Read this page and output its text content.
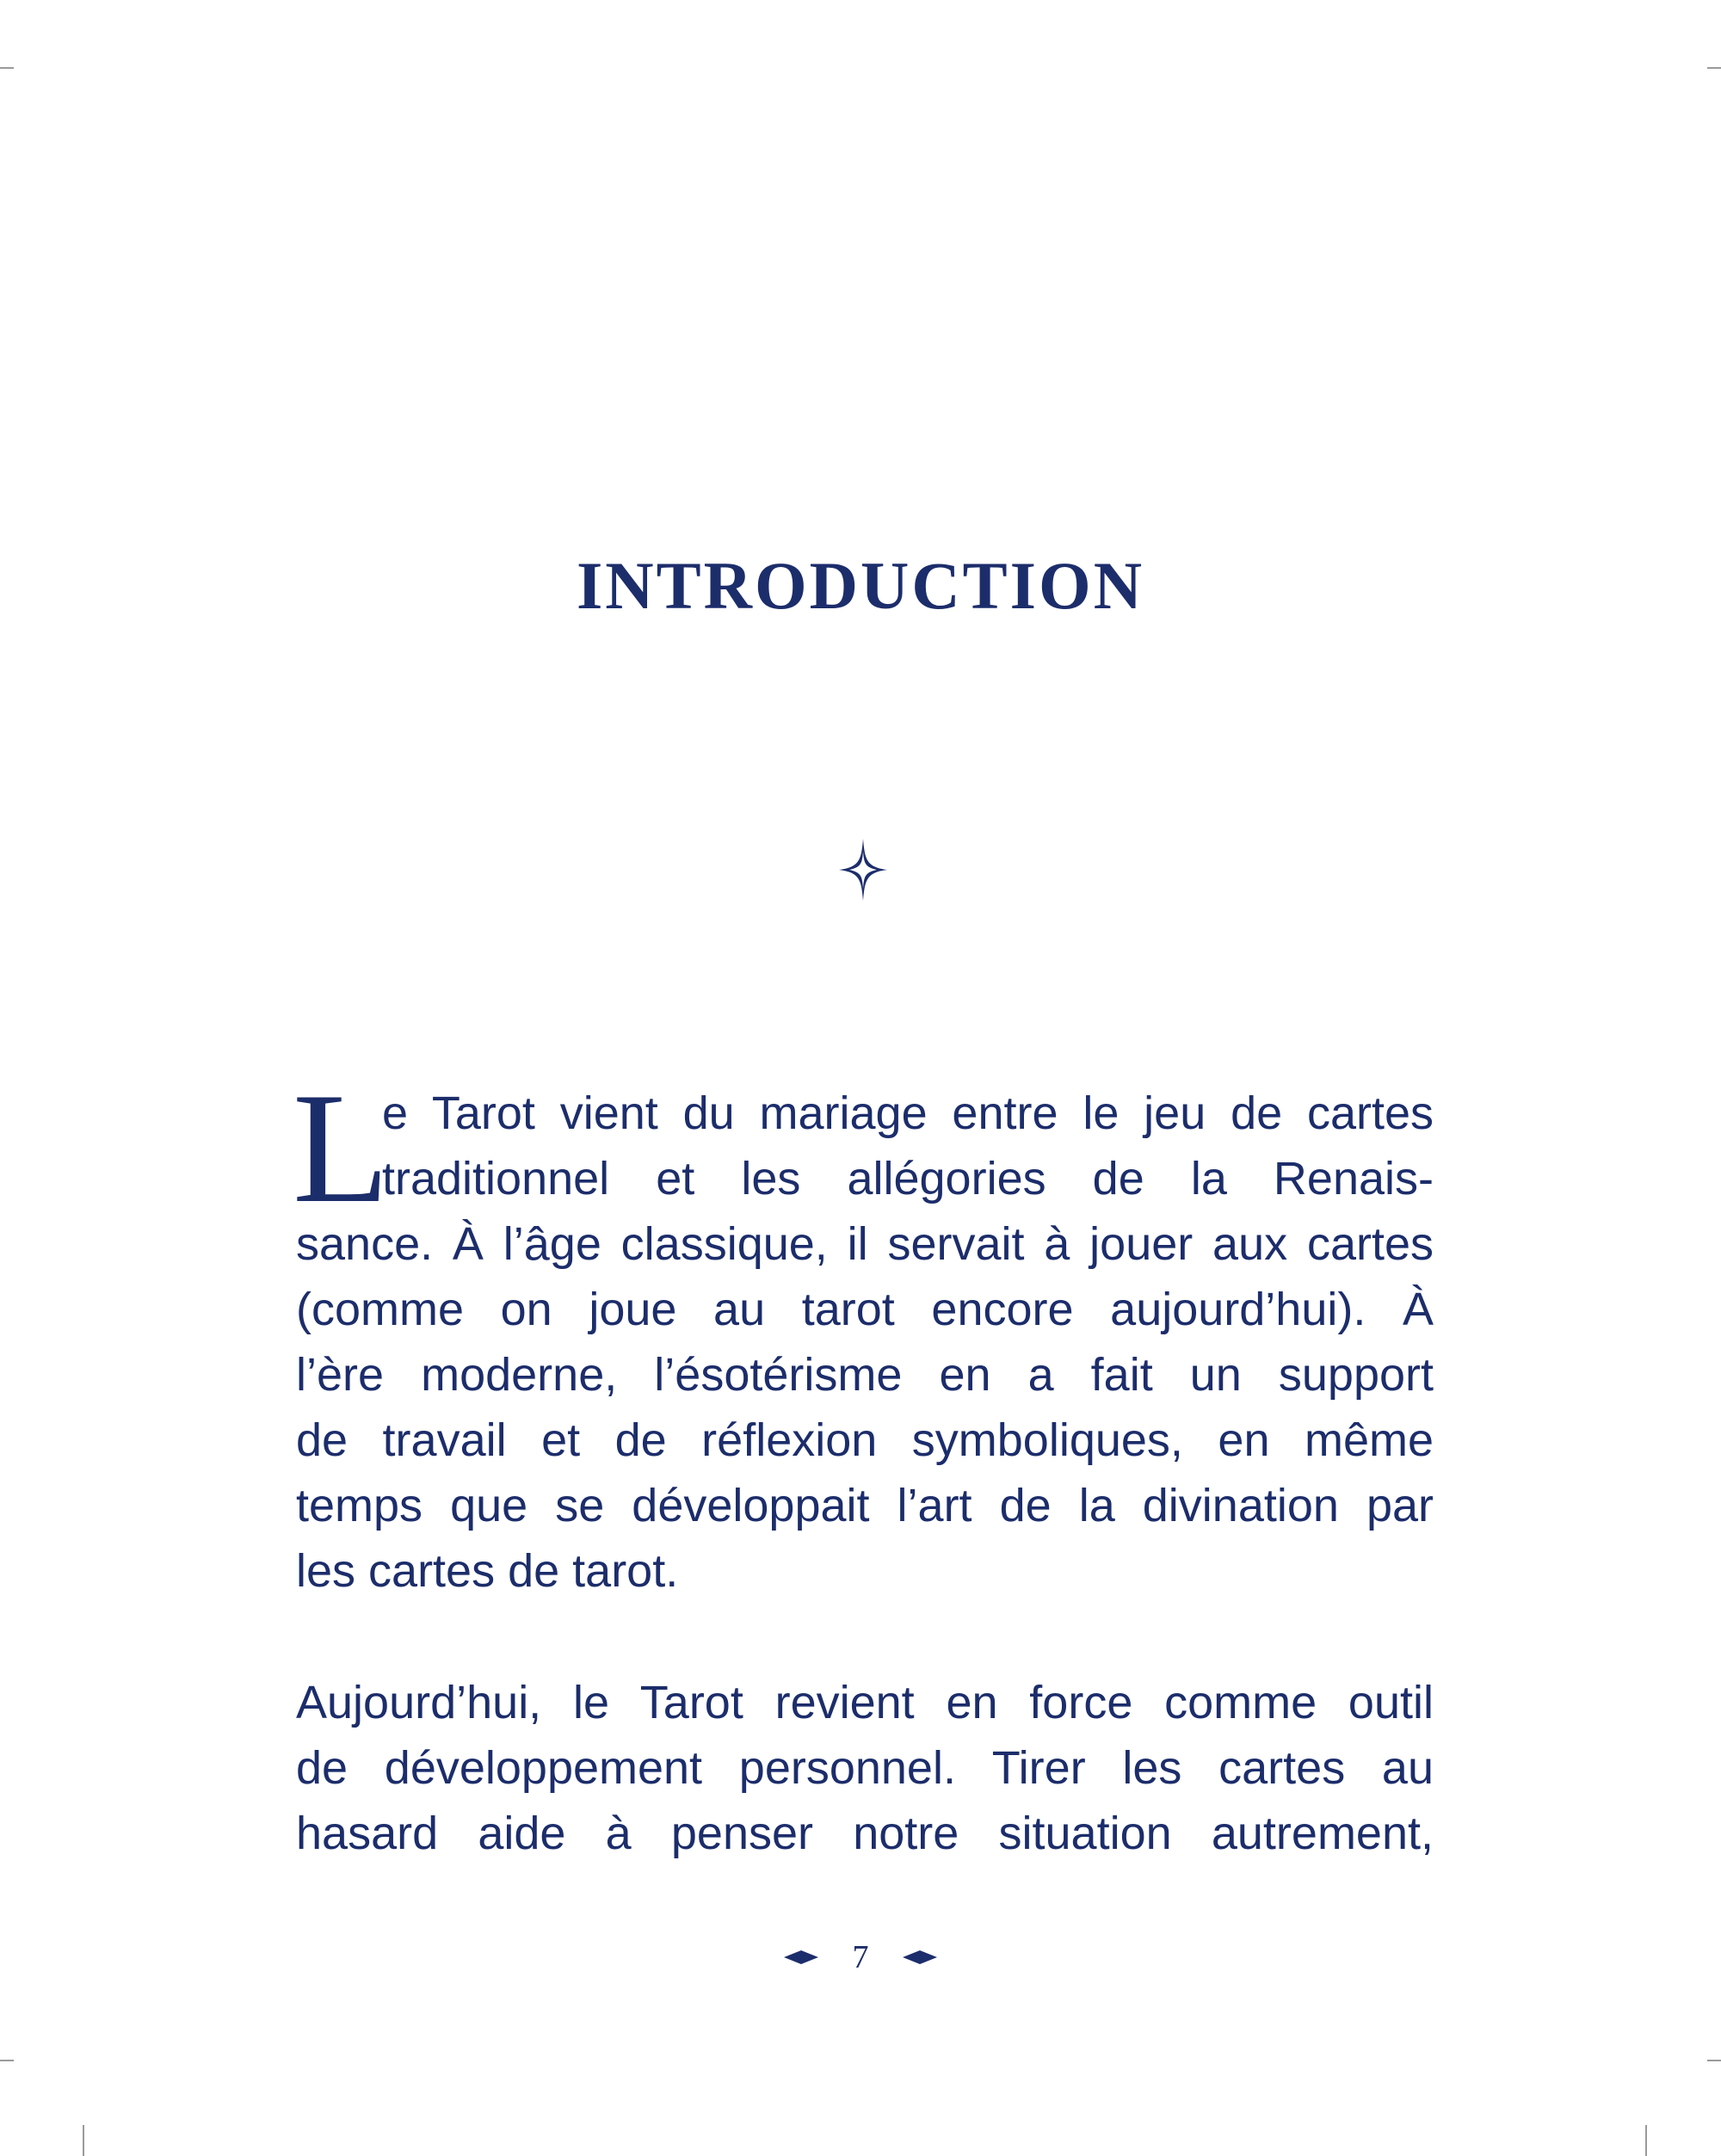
INTRODUCTION
L
e Tarot vient du mariage entre le jeu de cartes
traditionnel et les allégories de la Renais-
sance. À l’âge classique, il servait à jouer aux cartes
(comme on joue au tarot encore aujourd’hui). À
l’ère moderne, l’ésotérisme en a fait un support
de travail et de réflexion symboliques, en même
temps que se développait l’art de la divination par
les cartes de tarot.
Aujourd’hui, le Tarot revient en force comme outil
de développement personnel. Tirer les cartes au
hasard aide à penser notre situation autrement,
7
